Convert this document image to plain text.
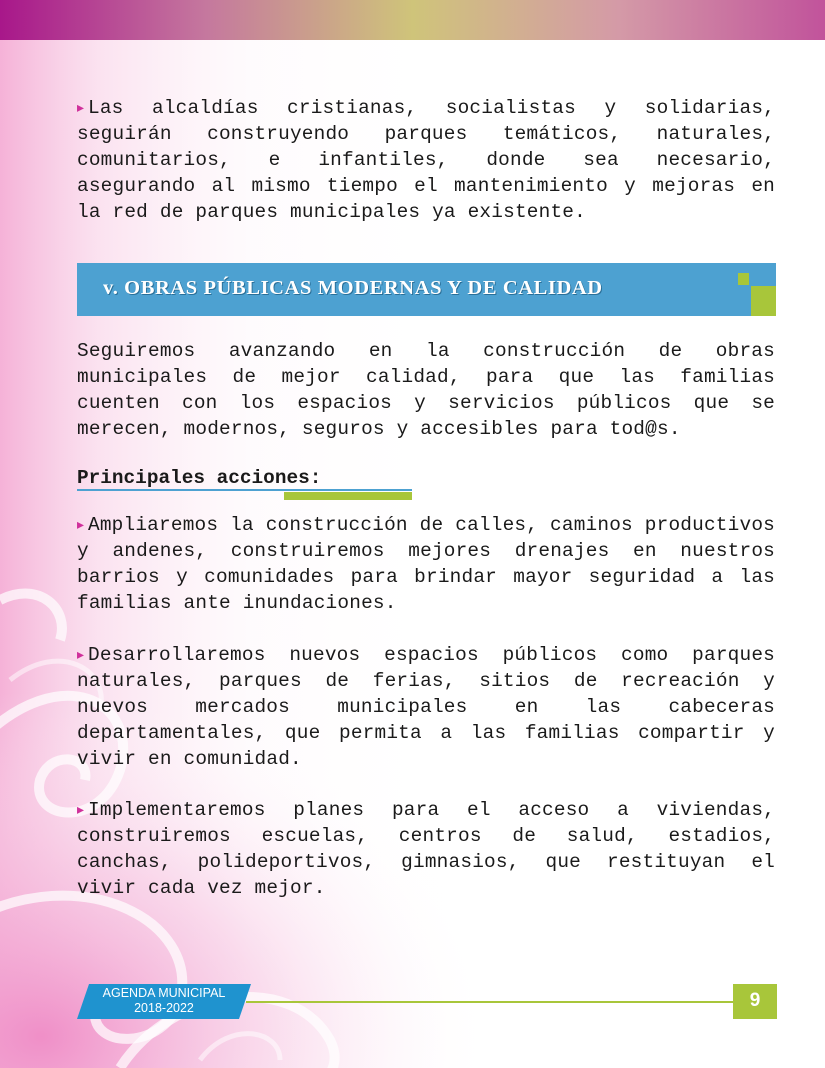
▸ Las alcaldías cristianas, socialistas y solidarias, seguirán construyendo parques temáticos, naturales, comunitarios, e infantiles, donde sea necesario, asegurando al mismo tiempo el mantenimiento y mejoras en la red de parques municipales ya existente.

v. OBRAS PÚBLICAS MODERNAS Y DE CALIDAD

Seguiremos avanzando en la construcción de obras municipales de mejor calidad, para que las familias cuenten con los espacios y servicios públicos que se merecen, modernos, seguros y accesibles para tod@s.

Principales acciones:

▸ Ampliaremos la construcción de calles, caminos productivos y andenes, construiremos mejores drenajes en nuestros barrios y comunidades para brindar mayor seguridad a las familias ante inundaciones.

▸ Desarrollaremos nuevos espacios públicos como parques naturales, parques de ferias, sitios de recreación y nuevos mercados municipales en las cabeceras departamentales, que permita a las familias compartir y vivir en comunidad.

▸ Implementaremos planes para el acceso a viviendas, construiremos escuelas, centros de salud, estadios, canchas, polideportivos, gimnasios, que restituyan el vivir cada vez mejor.

AGENDA MUNICIPAL
2018-2022	9
